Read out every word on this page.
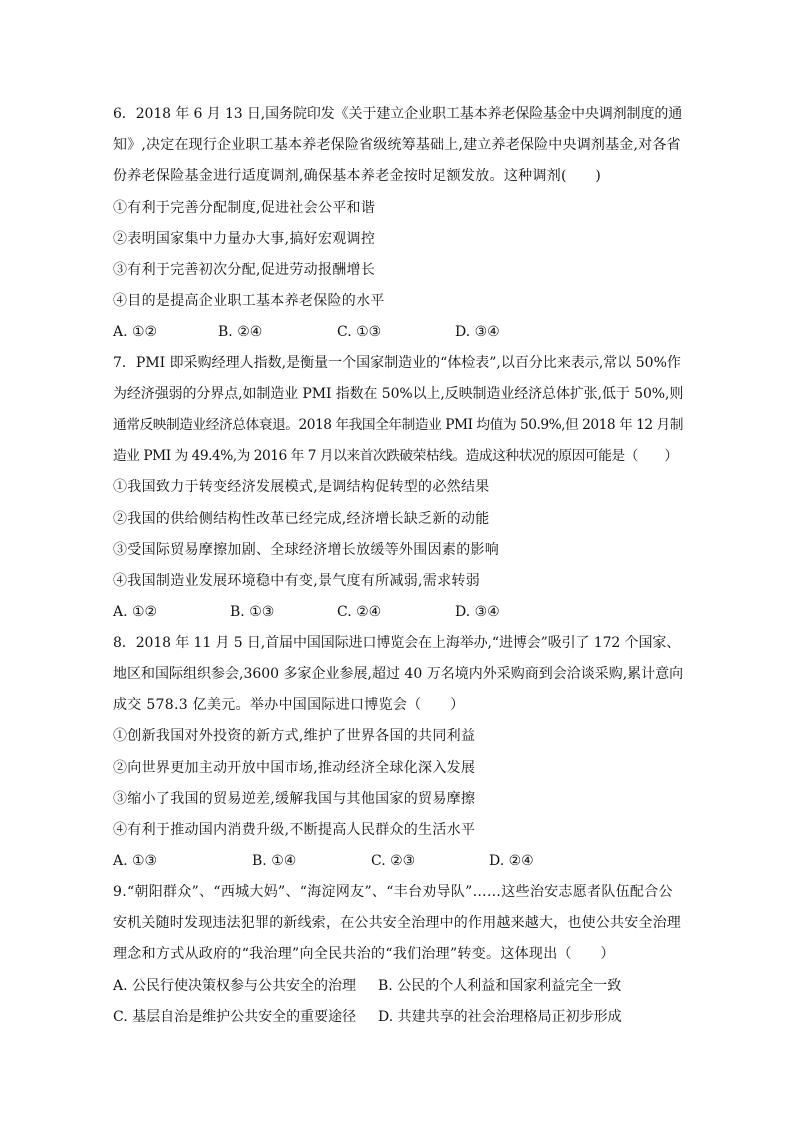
6．2018 年 6 月 13 日,国务院印发《关于建立企业职工基本养老保险基金中央调剂制度的通
知》,决定在现行企业职工基本养老保险省级统筹基础上,建立养老保险中央调剂基金,对各省
份养老保险基金进行适度调剂,确保基本养老金按时足额发放。这种调剂(　　)
①有利于完善分配制度,促进社会公平和谐
②表明国家集中力量办大事,搞好宏观调控
③有利于完善初次分配,促进劳动报酬增长
④目的是提高企业职工基本养老保险的水平
A. ①②	B. ②④	C. ①③	D. ③④
7．PMI 即采购经理人指数,是衡量一个国家制造业的“体检表”,以百分比来表示,常以 50%作
为经济强弱的分界点,如制造业 PMI 指数在 50%以上,反映制造业经济总体扩张,低于 50%,则
通常反映制造业经济总体衰退。2018 年我国全年制造业 PMI 均值为 50.9%,但 2018 年 12 月制
造业 PMI 为 49.4%,为 2016 年 7 月以来首次跌破荣枯线。造成这种状况的原因可能是（　　）
①我国致力于转变经济发展模式,是调结构促转型的必然结果
②我国的供给侧结构性改革已经完成,经济增长缺乏新的动能
③受国际贸易摩擦加剧、全球经济增长放缓等外围因素的影响
④我国制造业发展环境稳中有变,景气度有所减弱,需求转弱
A. ①②	B. ①③	C. ②④	D. ③④
8．2018 年 11 月 5 日,首届中国国际进口博览会在上海举办,“进博会”吸引了 172 个国家、
地区和国际组织参会,3600 多家企业参展,超过 40 万名境内外采购商到会洽谈采购,累计意向
成交 578.3 亿美元。举办中国国际进口博览会（　　）
①创新我国对外投资的新方式,维护了世界各国的共同利益
②向世界更加主动开放中国市场,推动经济全球化深入发展
③缩小了我国的贸易逆差,缓解我国与其他国家的贸易摩擦
④有利于推动国内消费升级,不断提高人民群众的生活水平
A. ①③	B. ①④	C. ②③	D. ②④
9.“朝阳群众”、“西城大妈”、“海淀网友”、“丰台劝导队”……这些治安志愿者队伍配合公
安机关随时发现违法犯罪的新线索，在公共安全治理中的作用越来越大，也使公共安全治理
理念和方式从政府的“我治理”向全民共治的“我们治理”转变。这体现出（　　）
A. 公民行使决策权参与公共安全的治理 B. 公民的个人利益和国家利益完全一致
C. 基层自治是维护公共安全的重要途径 D. 共建共享的社会治理格局正初步形成
